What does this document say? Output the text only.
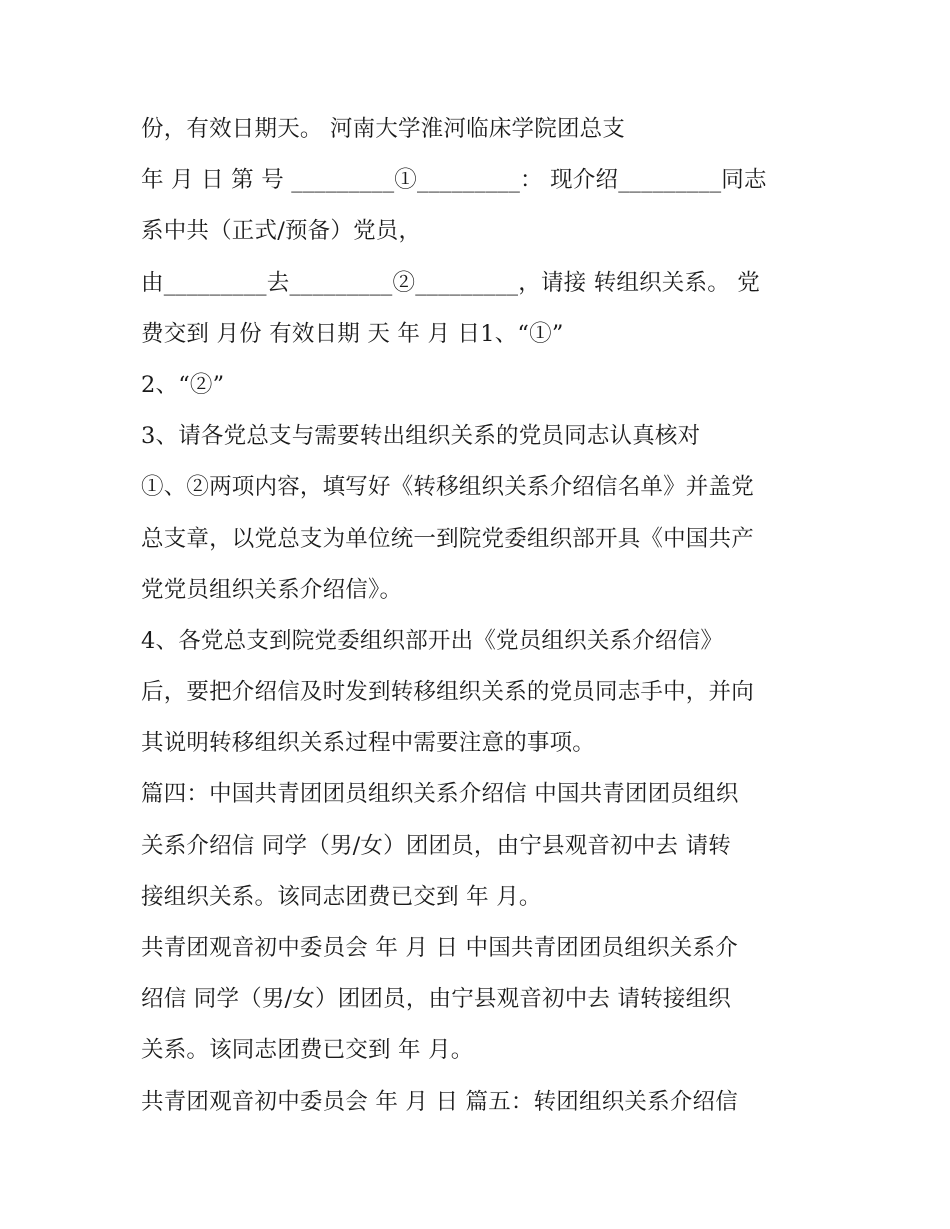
份，有效日期天。 河南大学淮河临床学院团总支
年 月 日 第 号 _________①_________： 现介绍_________同志
系中共（正式/预备）党员，
由_________去_________②_________，请接 转组织关系。 党
费交到 月份 有效日期 天 年 月 日1、“①”
2、“②”
3、请各党总支与需要转出组织关系的党员同志认真核对
①、②两项内容，填写好《转移组织关系介绍信名单》并盖党
总支章，以党总支为单位统一到院党委组织部开具《中国共产
党党员组织关系介绍信》。
4、各党总支到院党委组织部开出《党员组织关系介绍信》
后，要把介绍信及时发到转移组织关系的党员同志手中，并向
其说明转移组织关系过程中需要注意的事项。
篇四：中国共青团团员组织关系介绍信 中国共青团团员组织
关系介绍信 同学（男/女）团团员，由宁县观音初中去 请转
接组织关系。该同志团费已交到 年 月。
共青团观音初中委员会 年 月 日 中国共青团团员组织关系介
绍信 同学（男/女）团团员，由宁县观音初中去 请转接组织
关系。该同志团费已交到 年 月。
共青团观音初中委员会 年 月 日 篇五：转团组织关系介绍信
